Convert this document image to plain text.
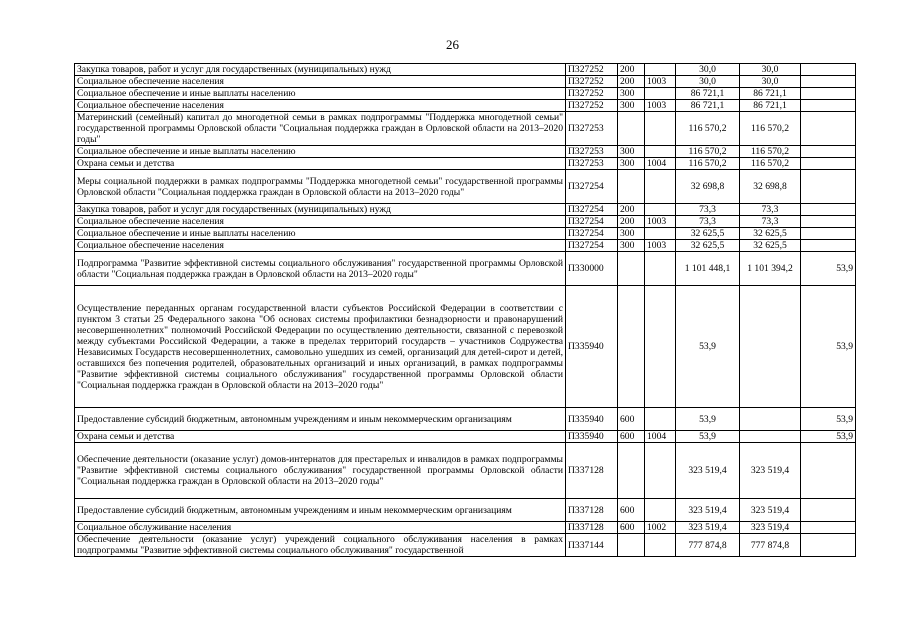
26
Закупка товаров, работ и услуг для государственных (муниципальных) нужд	П327252	200		30,0	30,0	
Социальное обеспечение населения	П327252	200	1003	30,0	30,0	
Социальное обеспечение и иные выплаты населению	П327252	300		86 721,1	86 721,1	
Социальное обеспечение населения	П327252	300	1003	86 721,1	86 721,1	
Материнский (семейный) капитал до многодетной семьи в рамках подпрограммы "Поддержка многодетной семьи" государственной программы Орловской области "Социальная поддержка граждан в Орловской области на 2013–2020 годы"	П327253			116 570,2	116 570,2	
Социальное обеспечение и иные выплаты населению	П327253	300		116 570,2	116 570,2	
Охрана семьи и детства	П327253	300	1004	116 570,2	116 570,2	
Меры социальной поддержки в рамках подпрограммы "Поддержка многодетной семьи" государственной программы Орловской области "Социальная поддержка граждан в Орловской области на 2013–2020 годы"	П327254			32 698,8	32 698,8	
Закупка товаров, работ и услуг для государственных (муниципальных) нужд	П327254	200		73,3	73,3	
Социальное обеспечение населения	П327254	200	1003	73,3	73,3	
Социальное обеспечение и иные выплаты населению	П327254	300		32 625,5	32 625,5	
Социальное обеспечение населения	П327254	300	1003	32 625,5	32 625,5	
Подпрограмма "Развитие эффективной системы социального обслуживания" государственной программы Орловской области "Социальная поддержка граждан в Орловской области на 2013–2020 годы"	П330000			1 101 448,1	1 101 394,2	53,9
Осуществление переданных органам государственной власти субъектов Российской Федерации в соответствии с пунктом 3 статьи 25 Федерального закона "Об основах системы профилактики безнадзорности и правонарушений несовершеннолетних" полномочий Российской Федерации по осуществлению деятельности, связанной с перевозкой между субъектами Российской Федерации, а также в пределах территорий государств – участников Содружества Независимых Государств несовершеннолетних, самовольно ушедших из семей, организаций для детей-сирот и детей, оставшихся без попечения родителей, образовательных организаций и иных организаций, в рамках подпрограммы "Развитие эффективной системы социального обслуживания" государственной программы Орловской области "Социальная поддержка граждан в Орловской области на 2013–2020 годы"	П335940			53,9		53,9
Предоставление субсидий бюджетным, автономным учреждениям и иным некоммерческим организациям	П335940	600		53,9		53,9
Охрана семьи и детства	П335940	600	1004	53,9		53,9
Обеспечение деятельности (оказание услуг) домов-интернатов для престарелых и инвалидов в рамках подпрограммы "Развитие эффективной системы социального обслуживания" государственной программы Орловской области "Социальная поддержка граждан в Орловской области на 2013–2020 годы"	П337128			323 519,4	323 519,4	
Предоставление субсидий бюджетным, автономным учреждениям и иным некоммерческим организациям	П337128	600		323 519,4	323 519,4	
Социальное обслуживание населения	П337128	600	1002	323 519,4	323 519,4	
Обеспечение деятельности (оказание услуг) учреждений социального обслуживания населения в рамках подпрограммы "Развитие эффективной системы социального обслуживания" государственной	П337144			777 874,8	777 874,8	
